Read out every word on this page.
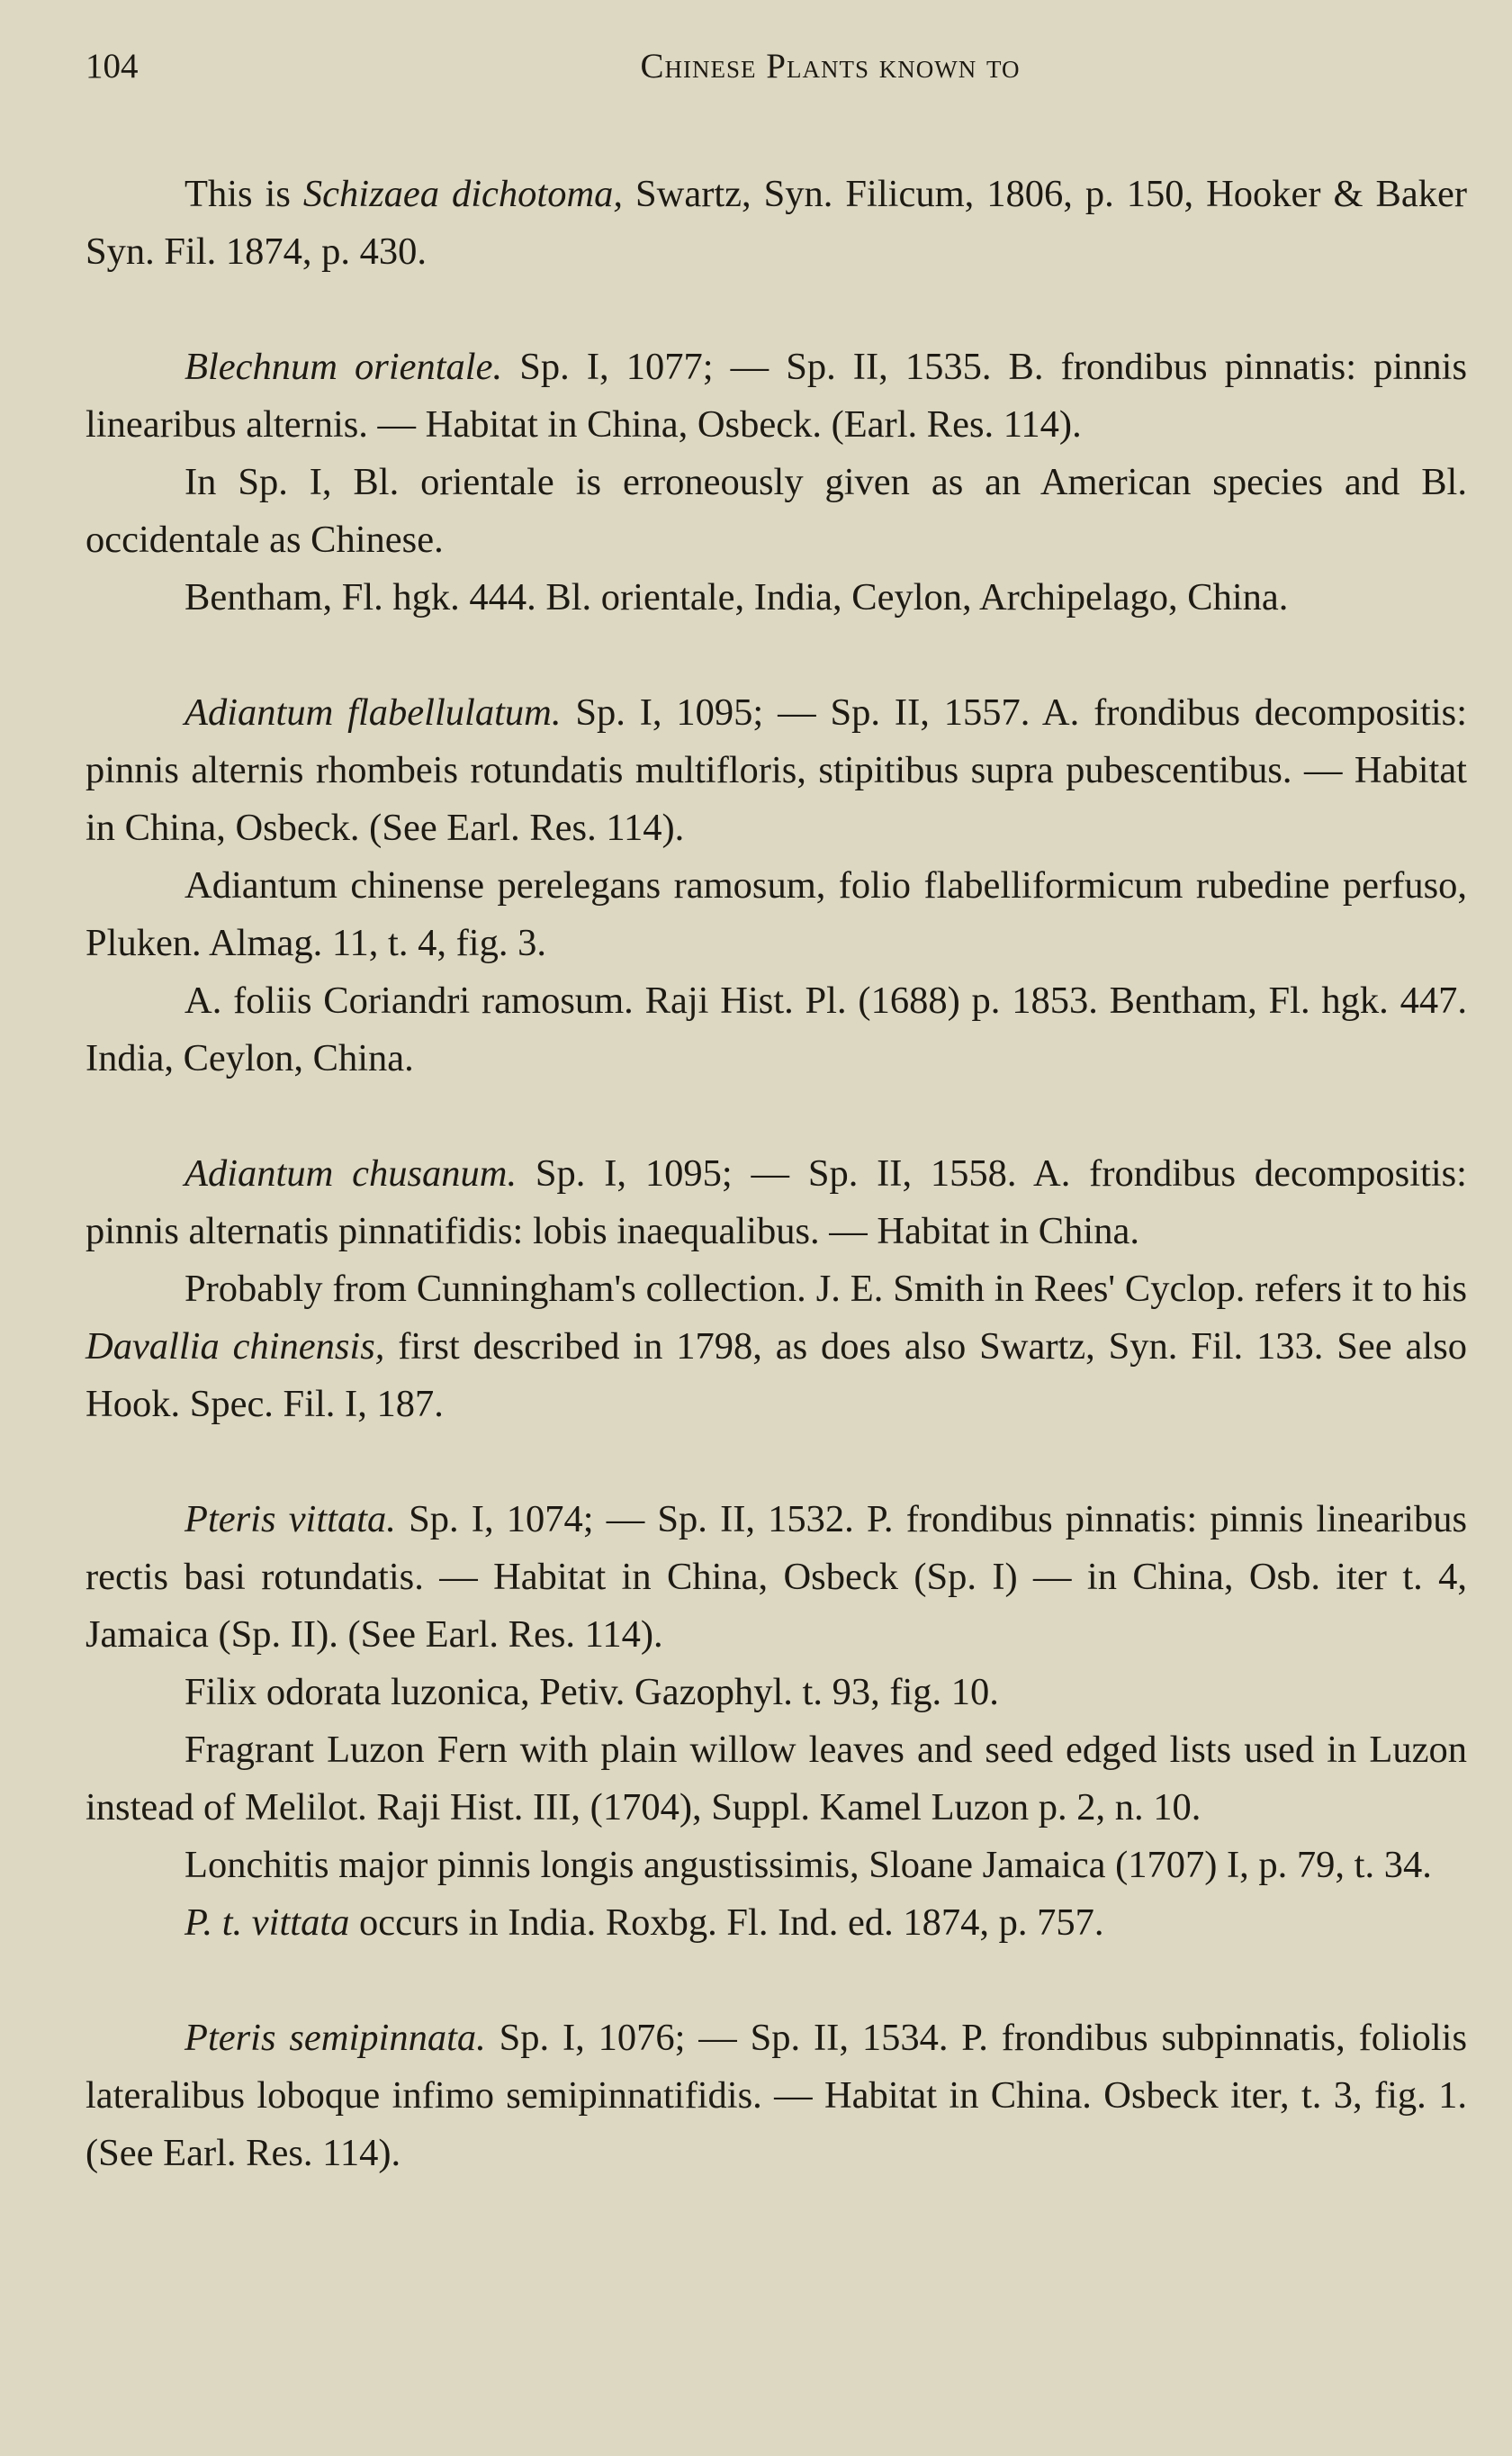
104	Chinese Plants known to

This is Schizaea dichotoma, Swartz, Syn. Filicum, 1806, p. 150, Hooker & Baker Syn. Fil. 1874, p. 430.

Blechnum orientale. Sp. I, 1077; — Sp. II, 1535. B. frondibus pinnatis: pinnis linearibus alternis. — Habitat in China, Osbeck. (Earl. Res. 114).

In Sp. I, Bl. orientale is erroneously given as an American species and Bl. occidentale as Chinese.

Bentham, Fl. hgk. 444. Bl. orientale, India, Ceylon, Archipelago, China.

Adiantum flabellulatum. Sp. I, 1095; — Sp. II, 1557. A. frondibus decompositis: pinnis alternis rhombeis rotundatis multifloris, stipitibus supra pubescentibus. — Habitat in China, Osbeck. (See Earl. Res. 114).

Adiantum chinense perelegans ramosum, folio flabelliformicum rubedine perfuso, Pluken. Almag. 11, t. 4, fig. 3.

A. foliis Coriandri ramosum. Raji Hist. Pl. (1688) p. 1853. Bentham, Fl. hgk. 447. India, Ceylon, China.

Adiantum chusanum. Sp. I, 1095; — Sp. II, 1558. A. frondibus decompositis: pinnis alternatis pinnatifidis: lobis inaequalibus. — Habitat in China.

Probably from Cunningham's collection. J. E. Smith in Rees' Cyclop. refers it to his Davallia chinensis, first described in 1798, as does also Swartz, Syn. Fil. 133. See also Hook. Spec. Fil. I, 187.

Pteris vittata. Sp. I, 1074; — Sp. II, 1532. P. frondibus pinnatis: pinnis linearibus rectis basi rotundatis. — Habitat in China, Osbeck (Sp. I) — in China, Osb. iter t. 4, Jamaica (Sp. II). (See Earl. Res. 114).

Filix odorata luzonica, Petiv. Gazophyl. t. 93, fig. 10.

Fragrant Luzon Fern with plain willow leaves and seed edged lists used in Luzon instead of Melilot. Raji Hist. III, (1704), Suppl. Kamel Luzon p. 2, n. 10.

Lonchitis major pinnis longis angustissimis, Sloane Jamaica (1707) I, p. 79, t. 34.

P. t. vittata occurs in India. Roxbg. Fl. Ind. ed. 1874, p. 757.

Pteris semipinnata. Sp. I, 1076; — Sp. II, 1534. P. frondibus subpinnatis, foliolis lateralibus loboque infimo semipinnatifidis. — Habitat in China. Osbeck iter, t. 3, fig. 1. (See Earl. Res. 114).
